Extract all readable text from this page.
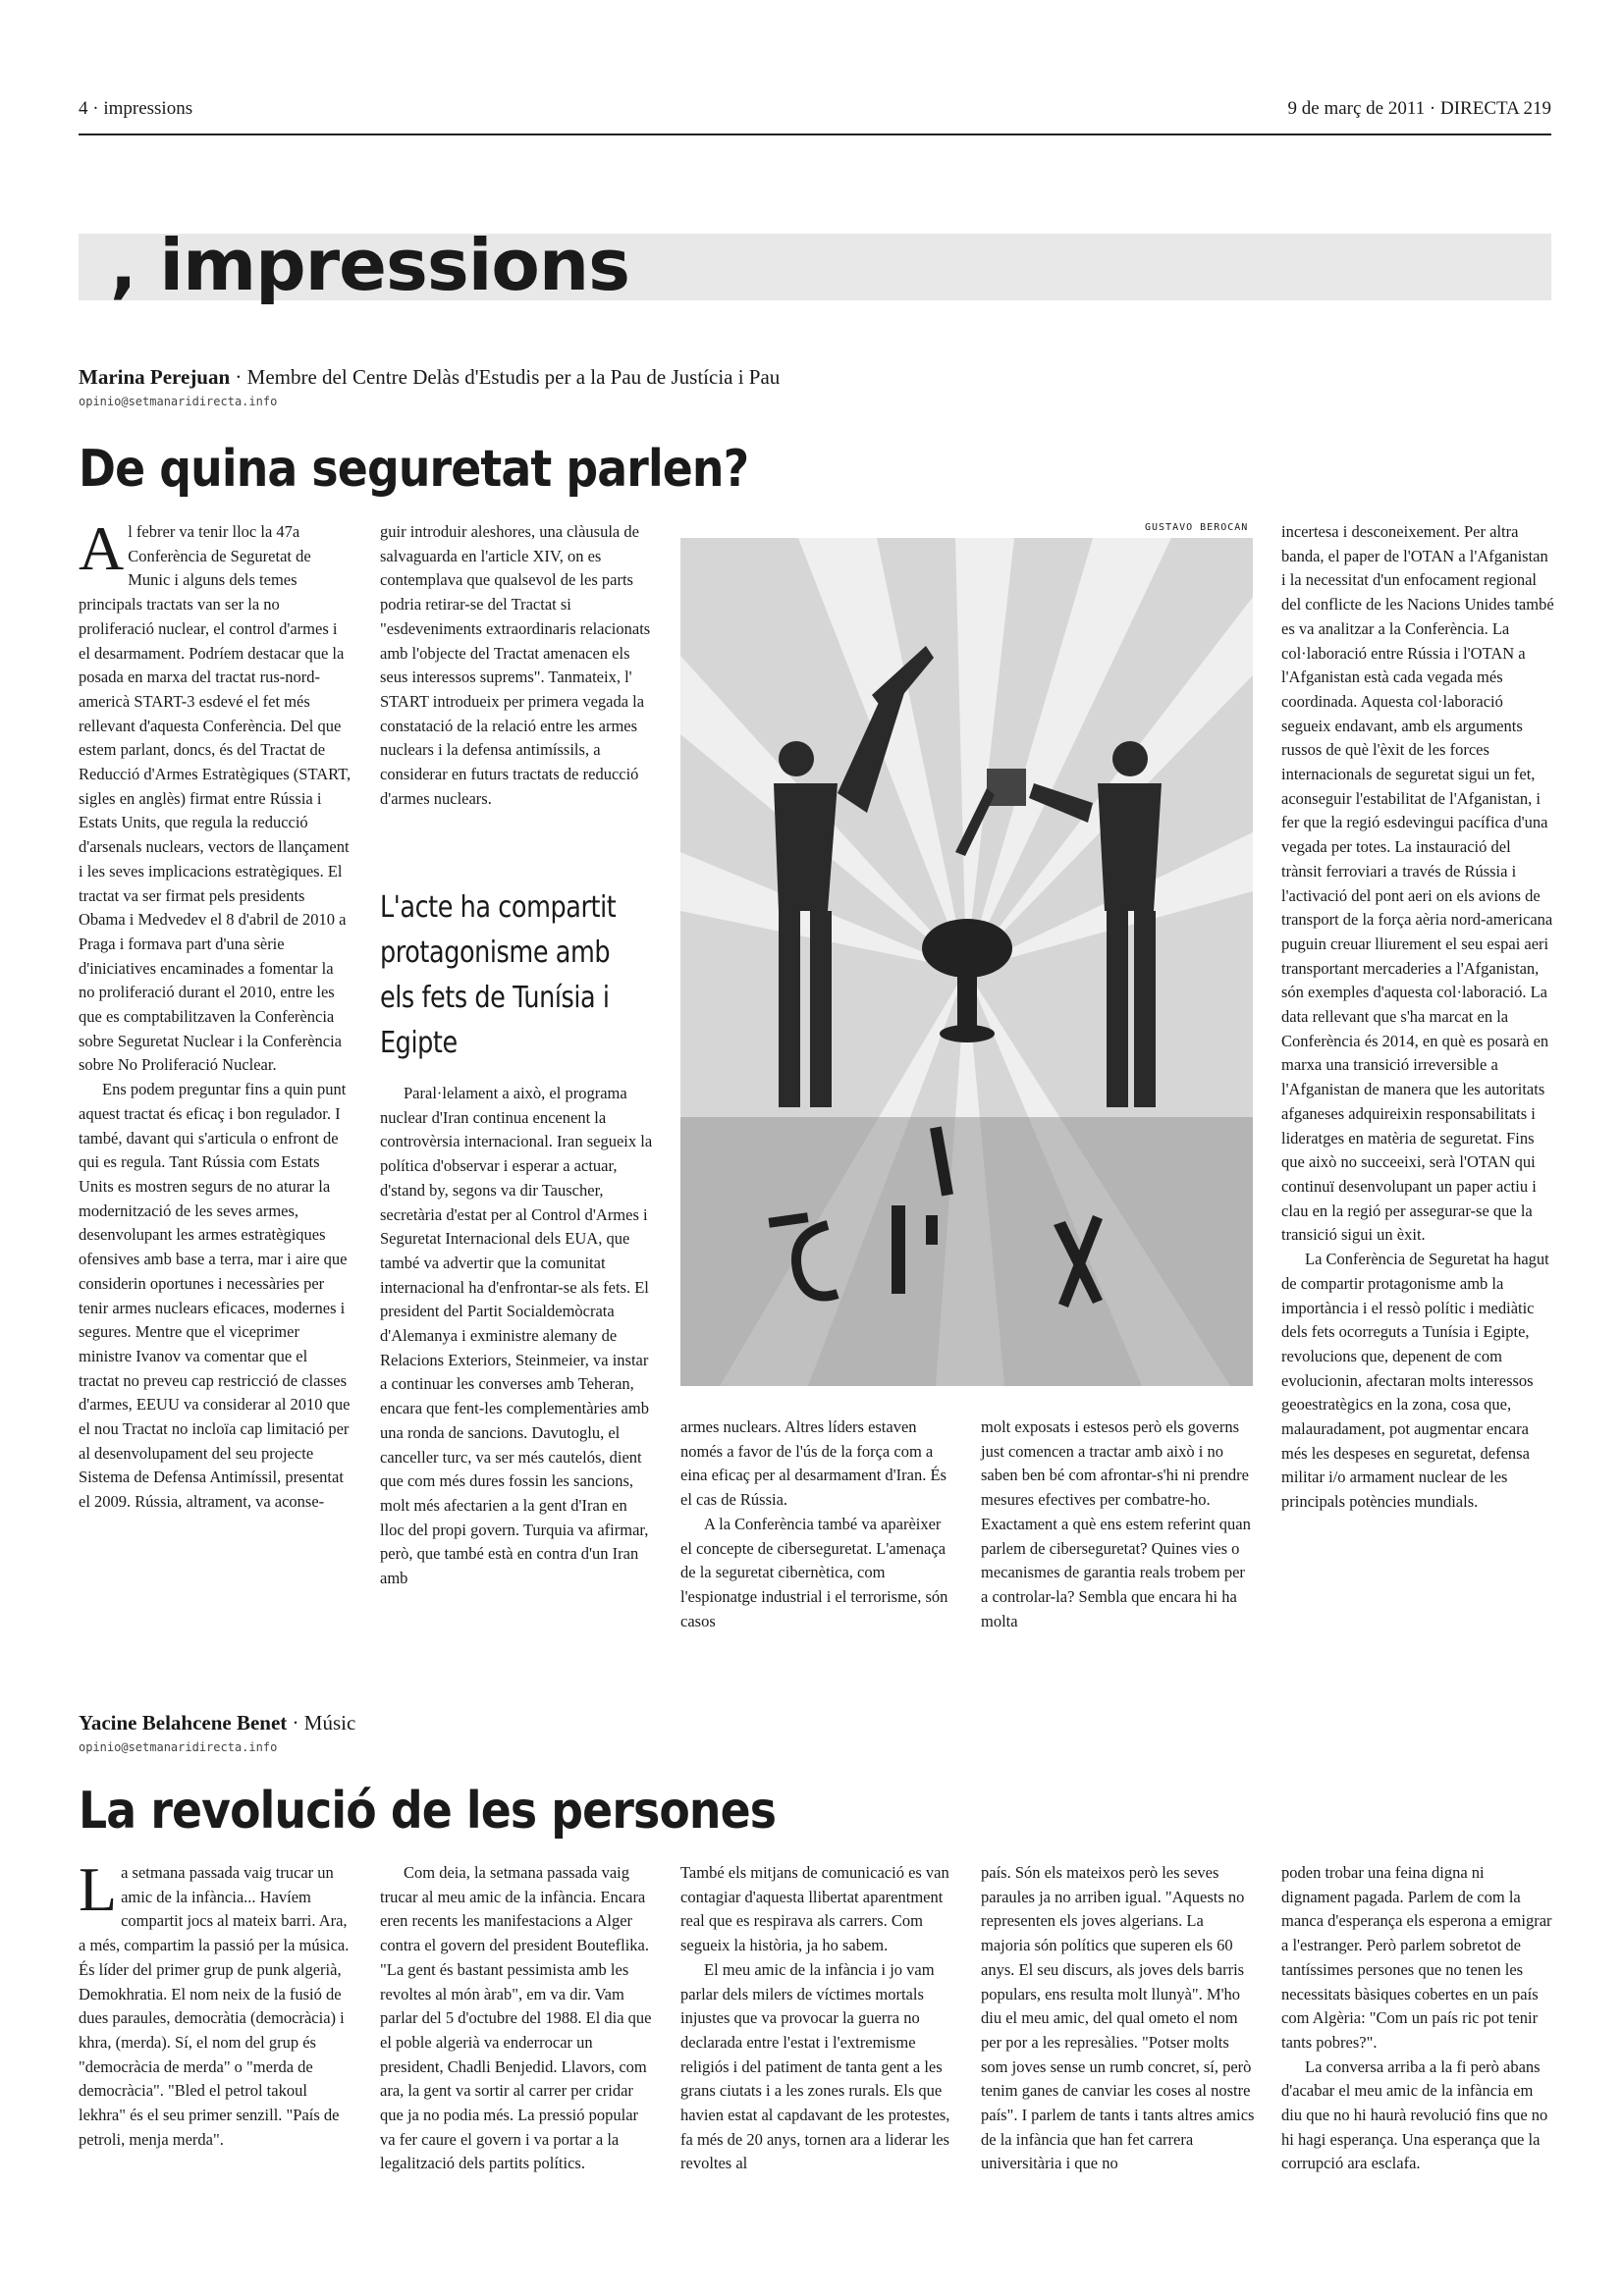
4 · impressions	9 de març de 2011 · DIRECTA 219
, impressions
Marina Perejuan · Membre del Centre Delàs d'Estudis per a la Pau de Justícia i Pau
opinio@setmanaridirecta.info
De quina seguretat parlen?

Al febrer va tenir lloc la 47a Conferència de Seguretat de Munic i alguns dels temes principals tractats van ser la no proliferació nuclear, el control d'armes i el desarmament. Podríem destacar que la posada en marxa del tractat rus-nord-americà START-3 esdevé el fet més rellevant d'aquesta Conferència. Del que estem parlant, doncs, és del Tractat de Reducció d'Armes Estratègiques (START, sigles en anglès) firmat entre Rússia i Estats Units, que regula la reducció d'arsenals nuclears, vectors de llançament i les seves implicacions estratègiques. El tractat va ser firmat pels presidents Obama i Medvedev el 8 d'abril de 2010 a Praga i formava part d'una sèrie d'iniciatives encaminades a fomentar la no proliferació durant el 2010, entre les que es comptabilitzaven la Conferència sobre Seguretat Nuclear i la Conferència sobre No Proliferació Nuclear.

Ens podem preguntar fins a quin punt aquest tractat és eficaç i bon regulador. I també, davant qui s'articula o enfront de qui es regula. Tant Rússia com Estats Units es mostren segurs de no aturar la modernització de les seves armes, desenvolupant les armes estratègiques ofensives amb base a terra, mar i aire que considerin oportunes i necessàries per tenir armes nuclears eficaces, modernes i segures. Mentre que el viceprimer ministre Ivanov va comentar que el tractat no preveu cap restricció de classes d'armes, EEUU va considerar al 2010 que el nou Tractat no incloïa cap limitació per al desenvolupament del seu projecte Sistema de Defensa Antimíssil, presentat el 2009. Rússia, altrament, va aconse-

guir introduir aleshores, una clàusula de salvaguarda en l'article XIV, on es contemplava que qualsevol de les parts podria retirar-se del Tractat si "esdeveniments extraordinaris relacionats amb l'objecte del Tractat amenacen els seus interessos suprems". Tanmateix, l' START introdueix per primera vegada la constatació de la relació entre les armes nuclears i la defensa antimíssils, a considerar en futurs tractats de reducció d'armes nuclears.

L'acte ha compartit protagonisme amb els fets de Tunísia i Egipte

Paral·lelament a això, el programa nuclear d'Iran continua encenent la controvèrsia internacional. Iran segueix la política d'observar i esperar a actuar, d'stand by, segons va dir Tauscher, secretària d'estat per al Control d'Armes i Seguretat Internacional dels EUA, que també va advertir que la comunitat internacional ha d'enfrontar-se als fets. El president del Partit Socialdemòcrata d'Alemanya i exministre alemany de Relacions Exteriors, Steinmeier, va instar a continuar les converses amb Teheran, encara que fent-les complementàries amb una ronda de sancions. Davutoglu, el canceller turc, va ser més cautelós, dient que com més dures fossin les sancions, molt més afectarien a la gent d'Iran en lloc del propi govern. Turquia va afirmar, però, que també està en contra d'un Iran amb

GUSTAVO BEROCAN

armes nuclears. Altres líders estaven només a favor de l'ús de la força com a eina eficaç per al desarmament d'Iran. És el cas de Rússia.

A la Conferència també va aparèixer el concepte de ciberseguretat. L'amenaça de la seguretat cibernètica, com l'espionatge industrial i el terrorisme, són casos

molt exposats i estesos però els governs just comencen a tractar amb això i no saben ben bé com afrontar-s'hi ni prendre mesures efectives per combatre-ho. Exactament a què ens estem referint quan parlem de ciberseguretat? Quines vies o mecanismes de garantia reals trobem per a controlar-la? Sembla que encara hi ha molta

incertesa i desconeixement. Per altra banda, el paper de l'OTAN a l'Afganistan i la necessitat d'un enfocament regional del conflicte de les Nacions Unides també es va analitzar a la Conferència. La col·laboració entre Rússia i l'OTAN a l'Afganistan està cada vegada més coordinada. Aquesta col·laboració segueix endavant, amb els arguments russos de què l'èxit de les forces internacionals de seguretat sigui un fet, aconseguir l'estabilitat de l'Afganistan, i fer que la regió esdevingui pacífica d'una vegada per totes. La instauració del trànsit ferroviari a través de Rússia i l'activació del pont aeri on els avions de transport de la força aèria nord-americana puguin creuar lliurement el seu espai aeri transportant mercaderies a l'Afganistan, són exemples d'aquesta col·laboració. La data rellevant que s'ha marcat en la Conferència és 2014, en què es posarà en marxa una transició irreversible a l'Afganistan de manera que les autoritats afganeses adquireixin responsabilitats i lideratges en matèria de seguretat. Fins que això no succeeixi, serà l'OTAN qui continuï desenvolupant un paper actiu i clau en la regió per assegurar-se que la transició sigui un èxit.

La Conferència de Seguretat ha hagut de compartir protagonisme amb la importància i el ressò polític i mediàtic dels fets ocorreguts a Tunísia i Egipte, revolucions que, depenent de com evolucionin, afectaran molts interessos geoestratègics en la zona, cosa que, malauradament, pot augmentar encara més les despeses en seguretat, defensa militar i/o armament nuclear de les principals potències mundials.

Yacine Belahcene Benet · Músic
opinio@setmanaridirecta.info
La revolució de les persones

La setmana passada vaig trucar un amic de la infància... Havíem compartit jocs al mateix barri. Ara, a més, compartim la passió per la música. És líder del primer grup de punk algerià, Demokhratia. El nom neix de la fusió de dues paraules, democràtia (democràcia) i khra, (merda). Sí, el nom del grup és "democràcia de merda" o "merda de democràcia". "Bled el petrol takoul lekhra" és el seu primer senzill. "País de petroli, menja merda".

Com deia, la setmana passada vaig trucar al meu amic de la infància. Encara eren recents les manifestacions a Alger contra el govern del president Bouteflika. "La gent és bastant pessimista amb les revoltes al món àrab", em va dir. Vam parlar del 5 d'octubre del 1988. El dia que el poble algerià va enderrocar un president, Chadli Benjedid. Llavors, com ara, la gent va sortir al carrer per cridar que ja no podia més. La pressió popular va fer caure el govern i va portar a la legalització dels partits polítics.

També els mitjans de comunicació es van contagiar d'aquesta llibertat aparentment real que es respirava als carrers. Com segueix la història, ja ho sabem.

El meu amic de la infància i jo vam parlar dels milers de víctimes mortals injustes que va provocar la guerra no declarada entre l'estat i l'extremisme religiós i del patiment de tanta gent a les grans ciutats i a les zones rurals. Els que havien estat al capdavant de les protestes, fa més de 20 anys, tornen ara a liderar les revoltes al

país. Són els mateixos però les seves paraules ja no arriben igual. "Aquests no representen els joves algerians. La majoria són polítics que superen els 60 anys. El seu discurs, als joves dels barris populars, ens resulta molt llunyà". M'ho diu el meu amic, del qual ometo el nom per por a les represàlies. "Potser molts som joves sense un rumb concret, sí, però tenim ganes de canviar les coses al nostre país". I parlem de tants i tants altres amics de la infància que han fet carrera universitària i que no

poden trobar una feina digna ni dignament pagada. Parlem de com la manca d'esperança els esperona a emigrar a l'estranger. Però parlem sobretot de tantíssimes persones que no tenen les necessitats bàsiques cobertes en un país com Algèria: "Com un país ric pot tenir tants pobres?".

La conversa arriba a la fi però abans d'acabar el meu amic de la infància em diu que no hi haurà revolució fins que no hi hagi esperança. Una esperança que la corrupció ara esclafa.
